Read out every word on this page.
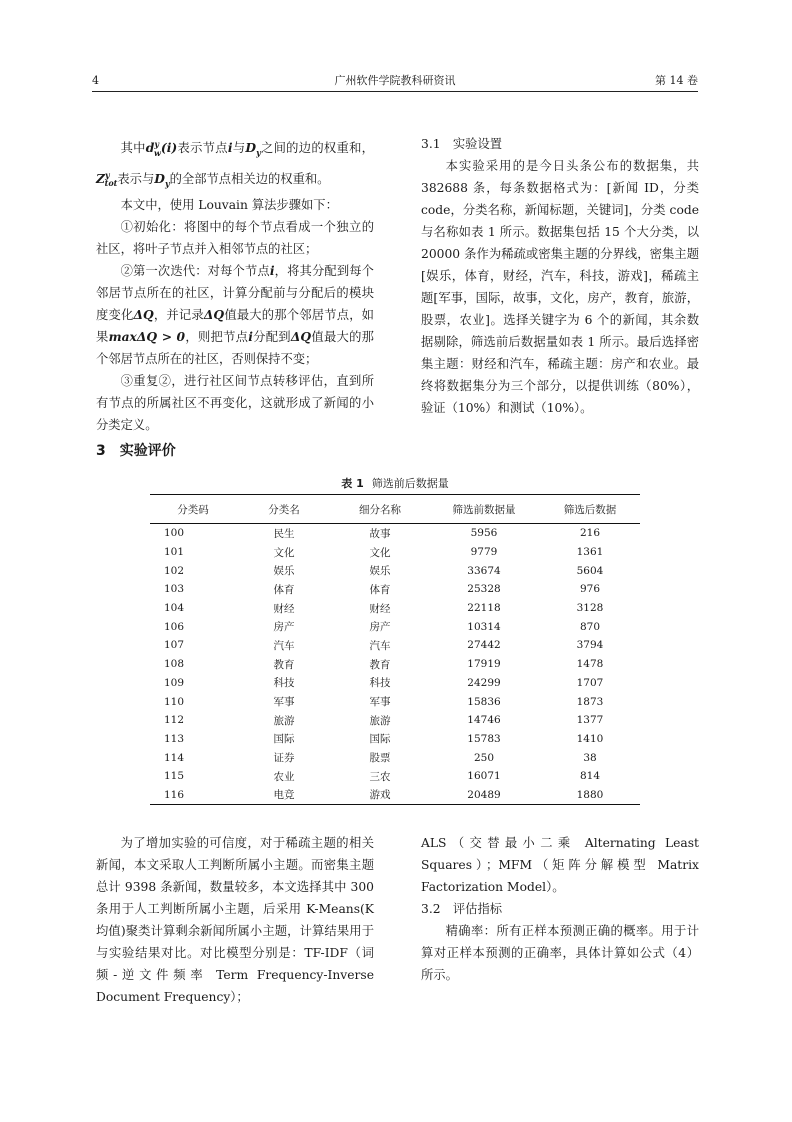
4	广州软件学院教科研资讯	第 14 卷

其中$d^y_w(i)$表示节点i与$D_y$之间的边的权重和，$Z^y_{tot}$表示与$D_y$的全部节点相关边的权重和。

本文中，使用 Louvain 算法步骤如下：

①初始化：将图中的每个节点看成一个独立的社区，将叶子节点并入相邻节点的社区；

②第一次迭代：对每个节点i，将其分配到每个邻居节点所在的社区，计算分配前与分配后的模块度变化ΔQ，并记录ΔQ值最大的那个邻居节点，如果maxΔQ > 0，则把节点i分配到ΔQ值最大的那个邻居节点所在的社区，否则保持不变；

③重复②，进行社区间节点转移评估，直到所有节点的所属社区不再变化，这就形成了新闻的小分类定义。

3.1　实验设置

本实验采用的是今日头条公布的数据集，共 382688 条，每条数据格式为：[新闻 ID，分类 code，分类名称，新闻标题，关键词]，分类 code 与名称如表 1 所示。数据集包括 15 个大分类，以 20000 条作为稀疏或密集主题的分界线，密集主题[娱乐，体育，财经，汽车，科技，游戏]，稀疏主题[军事，国际，故事，文化，房产，教育，旅游，股票，农业]。选择关键字为 6 个的新闻，其余数据剔除，筛选前后数据量如表 1 所示。最后选择密集主题：财经和汽车，稀疏主题：房产和农业。最终将数据集分为三个部分，以提供训练（80%），验证（10%）和测试（10%）。

3　实验评价
表 1 筛选前后数据量
分类码	分类名	细分名称	筛选前数据量	筛选后数据
100	民生	故事	5956	216
101	文化	文化	9779	1361
102	娱乐	娱乐	33674	5604
103	体育	体育	25328	976
104	财经	财经	22118	3128
106	房产	房产	10314	870
107	汽车	汽车	27442	3794
108	教育	教育	17919	1478
109	科技	科技	24299	1707
110	军事	军事	15836	1873
112	旅游	旅游	14746	1377
113	国际	国际	15783	1410
114	证券	股票	250	38
115	农业	三农	16071	814
116	电竞	游戏	20489	1880

为了增加实验的可信度，对于稀疏主题的相关新闻，本文采取人工判断所属小主题。而密集主题总计 9398 条新闻，数量较多，本文选择其中 300 条用于人工判断所属小主题，后采用 K-Means(K 均值)聚类计算剩余新闻所属小主题，计算结果用于与实验结果对比。对比模型分别是：TF-IDF（词频-逆文件频率 Term Frequency-Inverse Document Frequency）；

ALS（交替最小二乘 Alternating Least Squares）；MFM（矩阵分解模型 Matrix Factorization Model）。

3.2　评估指标

精确率：所有正样本预测正确的概率。用于计算对正样本预测的正确率，具体计算如公式（4）所示。
